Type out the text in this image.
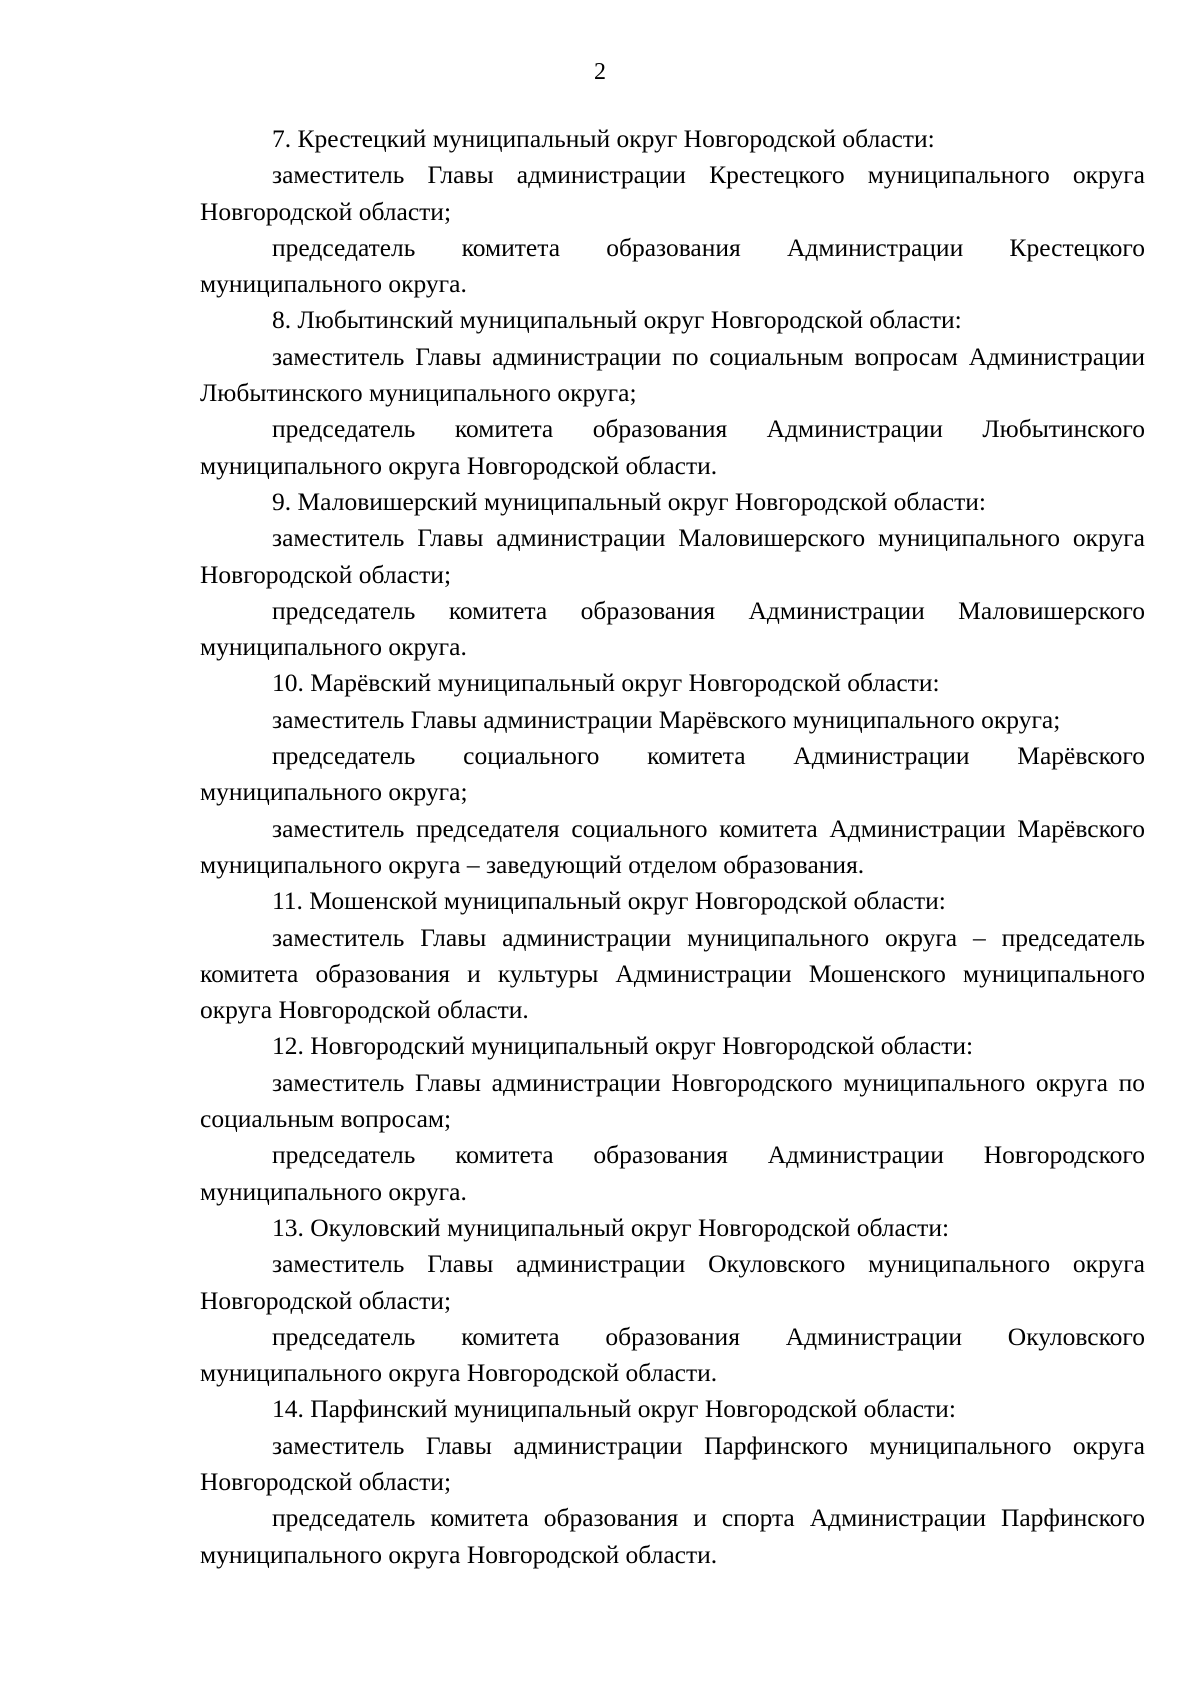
2

7. Крестецкий муниципальный округ Новгородской области:

заместитель Главы администрации Крестецкого муниципального округа Новгородской области;

председатель комитета образования Администрации Крестецкого муниципального округа.

8. Любытинский муниципальный округ Новгородской области:

заместитель Главы администрации по социальным вопросам Администрации Любытинского муниципального округа;

председатель комитета образования Администрации Любытинского муниципального округа Новгородской области.

9. Маловишерский муниципальный округ Новгородской области:

заместитель Главы администрации Маловишерского муниципального округа Новгородской области;

председатель комитета образования Администрации Маловишерского муниципального округа.

10. Марёвский муниципальный округ Новгородской области:

заместитель Главы администрации Марёвского муниципального округа;

председатель социального комитета Администрации Марёвского муниципального округа;

заместитель председателя социального комитета Администрации Марёвского муниципального округа – заведующий отделом образования.

11. Мошенской муниципальный округ Новгородской области:

заместитель Главы администрации муниципального округа – председатель комитета образования и культуры Администрации Мошенского муниципального округа Новгородской области.

12. Новгородский муниципальный округ Новгородской области:

заместитель Главы администрации Новгородского муниципального округа по социальным вопросам;

председатель комитета образования Администрации Новгородского муниципального округа.

13. Окуловский муниципальный округ Новгородской области:

заместитель Главы администрации Окуловского муниципального округа Новгородской области;

председатель комитета образования Администрации Окуловского муниципального округа Новгородской области.

14. Парфинский муниципальный округ Новгородской области:

заместитель Главы администрации Парфинского муниципального округа Новгородской области;

председатель комитета образования и спорта Администрации Парфинского муниципального округа Новгородской области.
